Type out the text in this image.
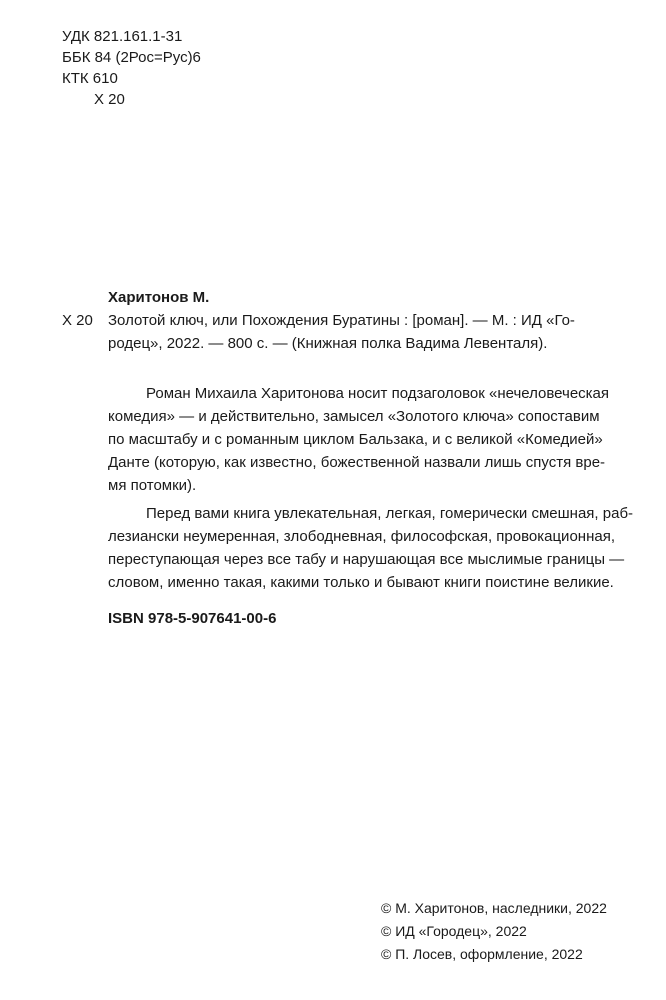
УДК 821.161.1-31
ББК 84 (2Рос=Рус)6
КТК 610
Х 20
Харитонов М.
Х 20	Золотой ключ, или Похождения Буратины : [роман]. — М. : ИД «Го-
родец», 2022. — 800 с. — (Книжная полка Вадима Левенталя).
Роман Михаила Харитонова носит подзаголовок «нечеловеческая
комедия» — и действительно, замысел «Золотого ключа» сопоставим
по масштабу и с романным циклом Бальзака, и с великой «Комедией»
Данте (которую, как известно, божественной назвали лишь спустя вре-
мя потомки).
Перед вами книга увлекательная, легкая, гомерически смешная, раб-
лезиански неумеренная, злободневная, философская, провокационная,
переступающая через все табу и нарушающая все мыслимые границы —
словом, именно такая, какими только и бывают книги поистине великие.
ISBN 978-5-907641-00-6
© М. Харитонов, наследники, 2022
© ИД «Городец», 2022
© П. Лосев, оформление, 2022
